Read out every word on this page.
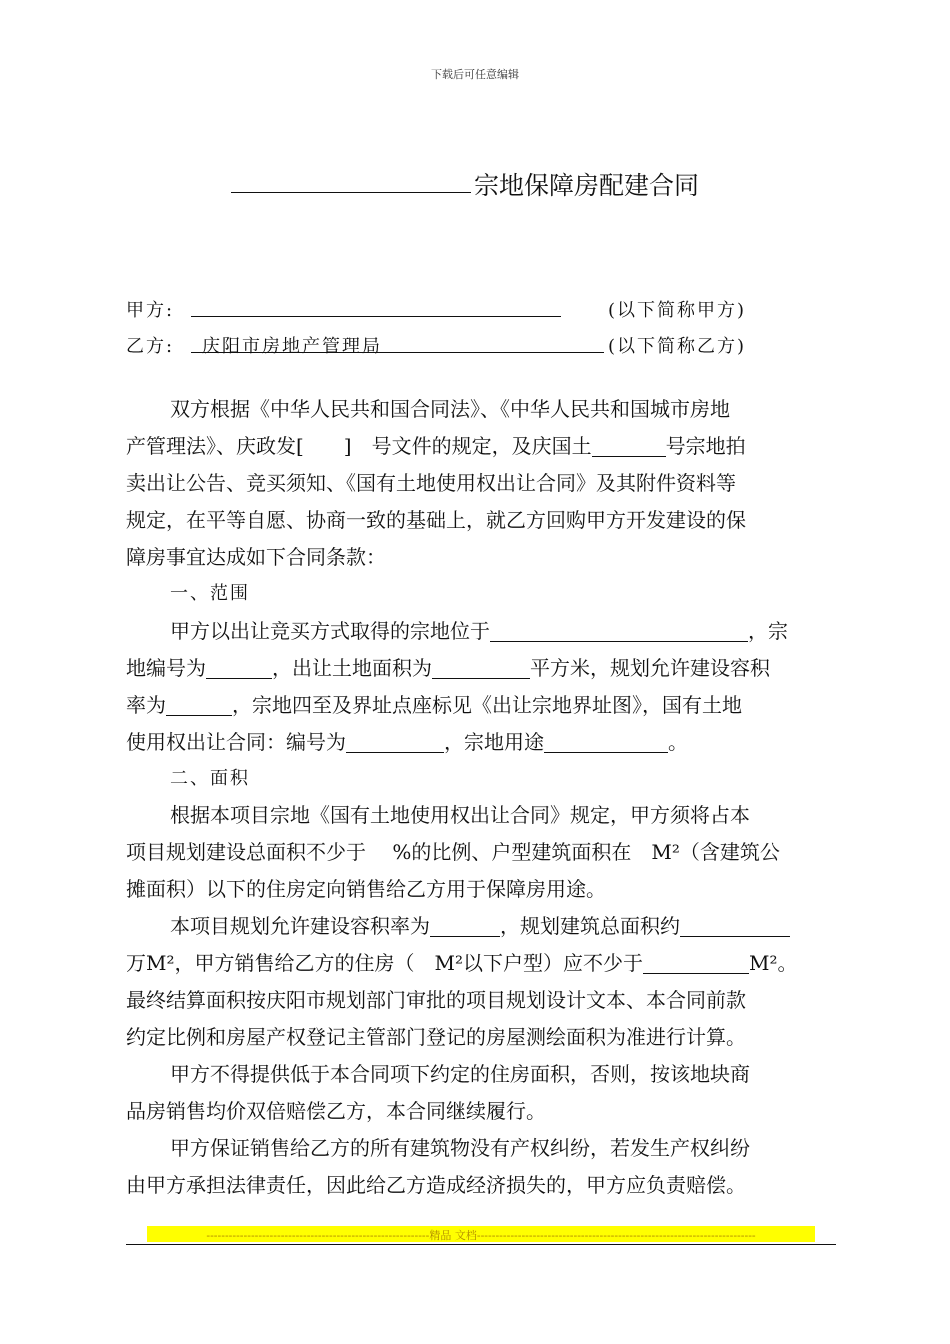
下载后可任意编辑
宗地保障房配建合同
甲方:	(以下简称甲方)
乙方: 庆阳市房地产管理局	(以下简称乙方)
双方根据《中华人民共和国合同法》、《中华人民共和国城市房地
产管理法》、庆政发[　　]　号文件的规定，及庆国土	号宗地拍
卖出让公告、竞买须知、《国有土地使用权出让合同》及其附件资料等
规定，在平等自愿、协商一致的基础上，就乙方回购甲方开发建设的保
障房事宜达成如下合同条款：
一、范围
甲方以出让竞买方式取得的宗地位于	，宗
地编号为	，出让土地面积为	平方米，规划允许建设容积
率为	，宗地四至及界址点座标见《出让宗地界址图》，国有土地
使用权出让合同：编号为	，宗地用途	。
二、面积
根据本项目宗地《国有土地使用权出让合同》规定，甲方须将占本
项目规划建设总面积不少于　 %的比例、户型建筑面积在　M²（含建筑公
摊面积）以下的住房定向销售给乙方用于保障房用途。
本项目规划允许建设容积率为	，规划建筑总面积约
万M²，甲方销售给乙方的住房（　M²以下户型）应不少于	M²。
最终结算面积按庆阳市规划部门审批的项目规划设计文本、本合同前款
约定比例和房屋产权登记主管部门登记的房屋测绘面积为准进行计算。
甲方不得提供低于本合同项下约定的住房面积，否则，按该地块商
品房销售均价双倍赔偿乙方，本合同继续履行。
甲方保证销售给乙方的所有建筑物没有产权纠纷，若发生产权纠纷
由甲方承担法律责任，因此给乙方造成经济损失的，甲方应负责赔偿。
------------------------------------------------------------精品 文档---------------------------------------------------------------------------
